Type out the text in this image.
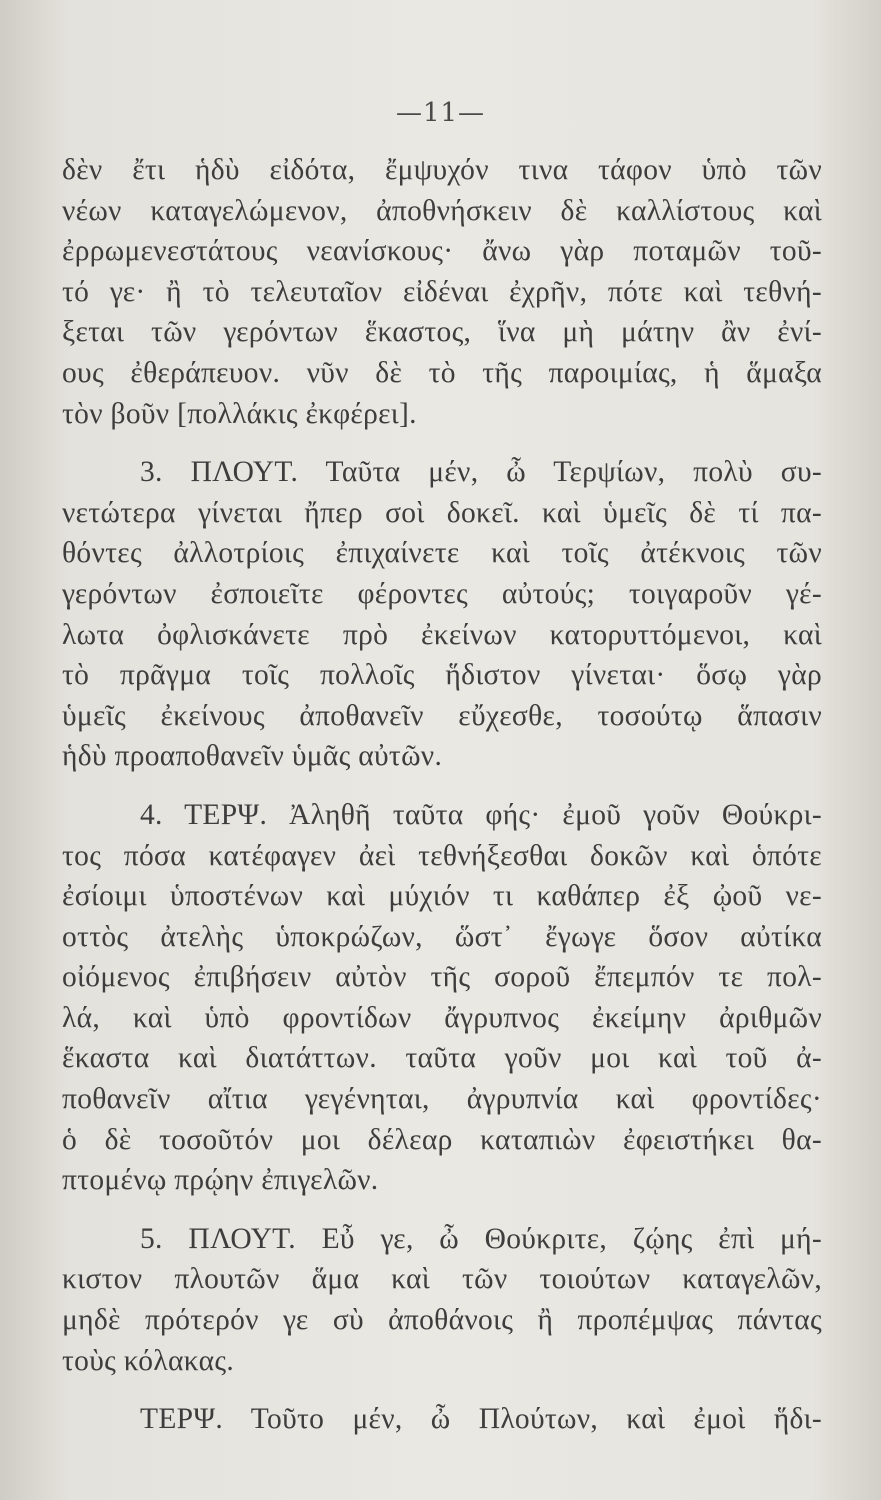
—11—
δὲν ἔτι ἡδὺ εἰδότα, ἔμψυχόν τινα τάφον ὑπὸ τῶν
νέων καταγελώμενον, ἀποθνήσκειν δὲ καλλίστους καὶ
ἐρρωμενεστάτους νεανίσκους· ἄνω γὰρ ποταμῶν τοῦ-
τό γε· ἢ τὸ τελευταῖον εἰδέναι ἐχρῆν, πότε καὶ τεθνή-
ξεται τῶν γερόντων ἕκαστος, ἵνα μὴ μάτην ἂν ἐνί-
ους ἐθεράπευον. νῦν δὲ τὸ τῆς παροιμίας, ἡ ἅμαξα
τὸν βοῦν [πολλάκις ἐκφέρει].
3. ΠΛΟΥΤ. Ταῦτα μέν, ὦ Τερψίων, πολὺ συ-
νετώτερα γίνεται ἤπερ σοὶ δοκεῖ. καὶ ὑμεῖς δὲ τί πα-
θόντες ἀλλοτρίοις ἐπιχαίνετε καὶ τοῖς ἀτέκνοις τῶν
γερόντων ἐσποιεῖτε φέροντες αὐτούς; τοιγαροῦν γέ-
λωτα ὀφλισκάνετε πρὸ ἐκείνων κατορυττόμενοι, καὶ
τὸ πρᾶγμα τοῖς πολλοῖς ἥδιστον γίνεται· ὅσῳ γὰρ
ὑμεῖς ἐκείνους ἀποθανεῖν εὔχεσθε, τοσούτῳ ἅπασιν
ἡδὺ προαποθανεῖν ὑμᾶς αὐτῶν.
4. ΤΕΡΨ. Ἀληθῆ ταῦτα φής· ἐμοῦ γοῦν Θούκρι-
τος πόσα κατέφαγεν ἀεὶ τεθνήξεσθαι δοκῶν καὶ ὁπότε
ἐσίοιμι ὑποστένων καὶ μύχιόν τι καθάπερ ἐξ ᾠοῦ νε-
οττὸς ἀτελὴς ὑποκρώζων, ὥστ᾽ ἔγωγε ὅσον αὐτίκα
οἰόμενος ἐπιβήσειν αὐτὸν τῆς σοροῦ ἔπεμπόν τε πολ-
λά, καὶ ὑπὸ φροντίδων ἄγρυπνος ἐκείμην ἀριθμῶν
ἕκαστα καὶ διατάττων. ταῦτα γοῦν μοι καὶ τοῦ ἀ-
ποθανεῖν αἴτια γεγένηται, ἀγρυπνία καὶ φροντίδες·
ὁ δὲ τοσοῦτόν μοι δέλεαρ καταπιὼν ἐφειστήκει θα-
πτομένῳ πρῴην ἐπιγελῶν.
5. ΠΛΟΥΤ. Εὖ γε, ὦ Θούκριτε, ζῴης ἐπὶ μή-
κιστον πλουτῶν ἅμα καὶ τῶν τοιούτων καταγελῶν,
μηδὲ πρότερόν γε σὺ ἀποθάνοις ἢ προπέμψας πάντας
τοὺς κόλακας.
ΤΕΡΨ. Τοῦτο μέν, ὦ Πλούτων, καὶ ἐμοὶ ἥδι-
